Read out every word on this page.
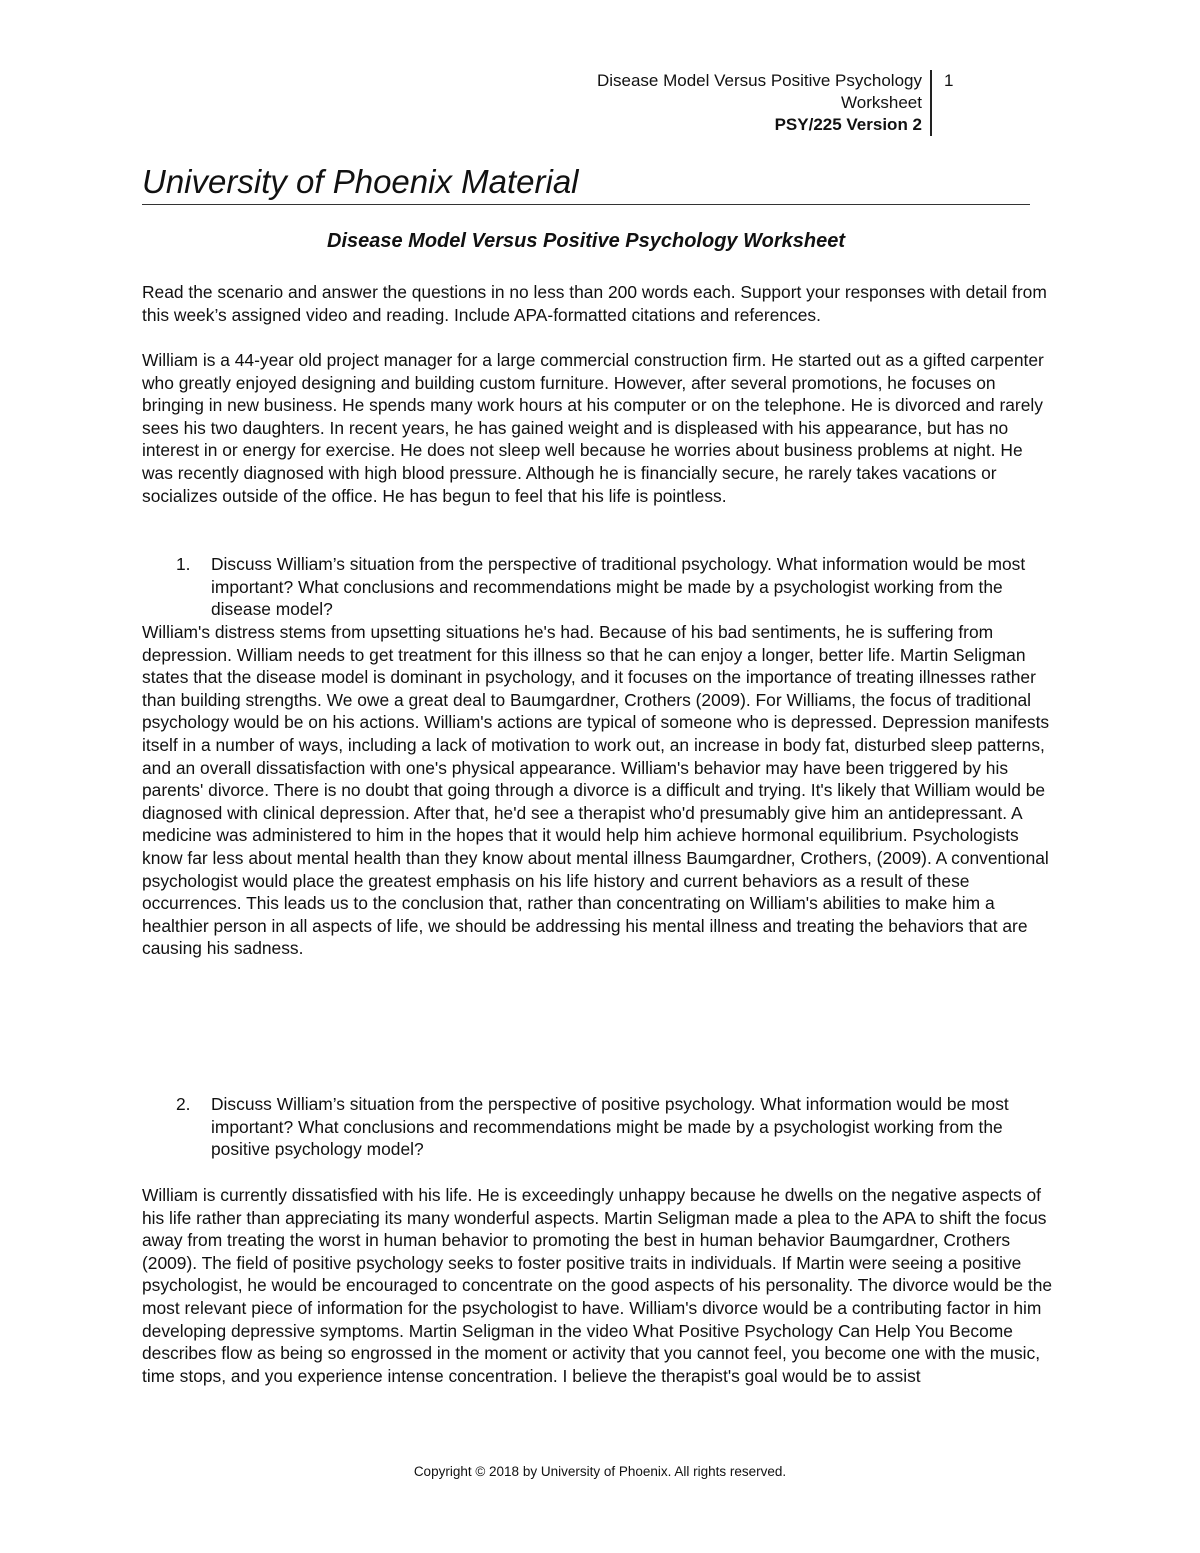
Disease Model Versus Positive Psychology Worksheet
PSY/225 Version 2
1
University of Phoenix Material
Disease Model Versus Positive Psychology Worksheet

Read the scenario and answer the questions in no less than 200 words each. Support your responses with detail from this week’s assigned video and reading. Include APA-formatted citations and references.

William is a 44-year old project manager for a large commercial construction firm. He started out as a gifted carpenter who greatly enjoyed designing and building custom furniture. However, after several promotions, he focuses on bringing in new business. He spends many work hours at his computer or on the telephone. He is divorced and rarely sees his two daughters. In recent years, he has gained weight and is displeased with his appearance, but has no interest in or energy for exercise. He does not sleep well because he worries about business problems at night. He was recently diagnosed with high blood pressure. Although he is financially secure, he rarely takes vacations or socializes outside of the office. He has begun to feel that his life is pointless.

1.	Discuss William’s situation from the perspective of traditional psychology. What information would be most important? What conclusions and recommendations might be made by a psychologist working from the disease model?

William's distress stems from upsetting situations he's had. Because of his bad sentiments, he is suffering from depression. William needs to get treatment for this illness so that he can enjoy a longer, better life. Martin Seligman states that the disease model is dominant in psychology, and it focuses on the importance of treating illnesses rather than building strengths. We owe a great deal to Baumgardner, Crothers (2009). For Williams, the focus of traditional psychology would be on his actions. William's actions are typical of someone who is depressed. Depression manifests itself in a number of ways, including a lack of motivation to work out, an increase in body fat, disturbed sleep patterns, and an overall dissatisfaction with one's physical appearance. William's behavior may have been triggered by his parents' divorce. There is no doubt that going through a divorce is a difficult and trying. It's likely that William would be diagnosed with clinical depression. After that, he'd see a therapist who'd presumably give him an antidepressant. A medicine was administered to him in the hopes that it would help him achieve hormonal equilibrium. Psychologists know far less about mental health than they know about mental illness Baumgardner, Crothers, (2009). A conventional psychologist would place the greatest emphasis on his life history and current behaviors as a result of these occurrences. This leads us to the conclusion that, rather than concentrating on William's abilities to make him a healthier person in all aspects of life, we should be addressing his mental illness and treating the behaviors that are causing his sadness.

2.	Discuss William’s situation from the perspective of positive psychology. What information would be most important? What conclusions and recommendations might be made by a psychologist working from the positive psychology model?

William is currently dissatisfied with his life. He is exceedingly unhappy because he dwells on the negative aspects of his life rather than appreciating its many wonderful aspects. Martin Seligman made a plea to the APA to shift the focus away from treating the worst in human behavior to promoting the best in human behavior Baumgardner, Crothers (2009). The field of positive psychology seeks to foster positive traits in individuals. If Martin were seeing a positive psychologist, he would be encouraged to concentrate on the good aspects of his personality. The divorce would be the most relevant piece of information for the psychologist to have. William's divorce would be a contributing factor in him developing depressive symptoms. Martin Seligman in the video What Positive Psychology Can Help You Become describes flow as being so engrossed in the moment or activity that you cannot feel, you become one with the music, time stops, and you experience intense concentration. I believe the therapist's goal would be to assist

Copyright © 2018 by University of Phoenix. All rights reserved.
